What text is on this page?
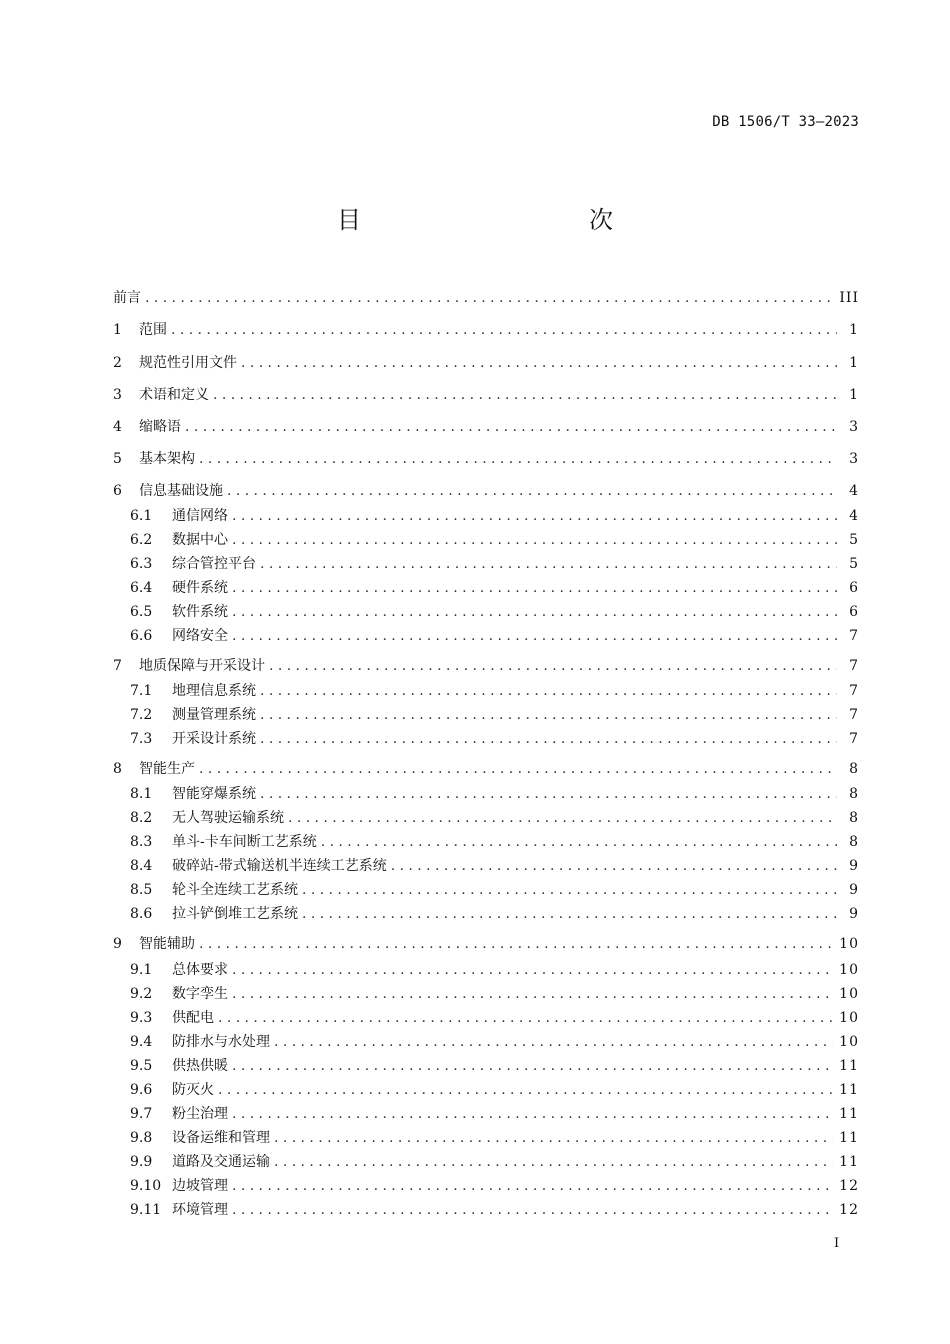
DB 1506/T 33—2023
目　　次
前言 .....	III
1	范围 .....	1
2	规范性引用文件 .....	1
3	术语和定义 .....	1
4	缩略语 .....	3
5	基本架构 .....	3
6	信息基础设施 .....	4
6.1	通信网络 .....	4
6.2	数据中心 .....	5
6.3	综合管控平台 .....	5
6.4	硬件系统 .....	6
6.5	软件系统 .....	6
6.6	网络安全 .....	7
7	地质保障与开采设计 .....	7
7.1	地理信息系统 .....	7
7.2	测量管理系统 .....	7
7.3	开采设计系统 .....	7
8	智能生产 .....	8
8.1	智能穿爆系统 .....	8
8.2	无人驾驶运输系统 .....	8
8.3	单斗-卡车间断工艺系统 .....	8
8.4	破碎站-带式输送机半连续工艺系统 .....	9
8.5	轮斗全连续工艺系统 .....	9
8.6	拉斗铲倒堆工艺系统 .....	9
9	智能辅助 .....	10
9.1	总体要求 .....	10
9.2	数字孪生 .....	10
9.3	供配电 .....	10
9.4	防排水与水处理 .....	10
9.5	供热供暖 .....	11
9.6	防灭火 .....	11
9.7	粉尘治理 .....	11
9.8	设备运维和管理 .....	11
9.9	道路及交通运输 .....	11
9.10 边坡管理 .....	12
9.11 环境管理 .....	12
I
